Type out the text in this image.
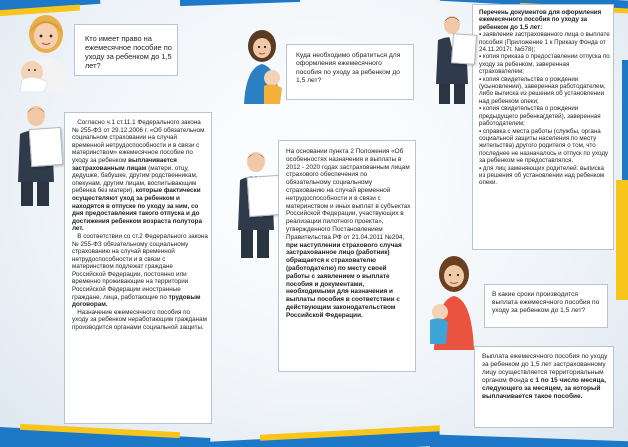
Кто имеет право на ежемесячное пособие по уходу за ребенком до 1,5 лет?
Согласно ч.1 ст.11.1 Федерального закона № 255-ФЗ от 29.12.2006 г. «Об обязательном социальном страховании на случай временной нетрудоспособности и в связи с материнством» ежемесячное пособие по уходу за ребенком выплачивается застрахованным лицам (матери, отцу, дедушке, бабушке, другим родственникам, опекунам, другим лицам, воспитывающим ребенка без матери), которые фактически осуществляют уход за ребенком и находятся в отпуске по уходу за ним, со дня предоставления такого отпуска и до достижения ребенком возраста полутора лет.
В соответствии со ст.2 Федерального закона № 255-ФЗ обязательному социальному страхованию на случай временной нетрудоспособности и в связи с материнством подлежат граждане Российской Федерации, постоянно или временно проживающие на территории Российской Федерации иностранные граждане, лица, работающие по трудовым договорам.
Назначение ежемесячного пособия по уходу за ребенком неработающим гражданам производится органами социальной защиты.
Куда необходимо обратиться для оформления ежемесячного пособия по уходу за ребенком до 1,5 лет?
На основании пункта 2 Положения «Об особенностях назначения и выплаты в 2012 - 2020 годах застрахованным лицам страхового обеспечения по обязательному социальному страхованию на случай временной нетрудоспособности и в связи с материнством и иных выплат в субъектах Российской Федерации, участвующих в реализации пилотного проекта», утвержденного Постановлением Правительства РФ от 21.04.2011 №294, при наступлении страхового случая застрахованное лицо (работник) обращается к страхователю (работодателю) по месту своей работы с заявлением о выплате пособия и документами, необходимыми для назначения и выплаты пособия в соответствии с действующим законодательством Российской Федерации.
Перечень документов для оформления ежемесячного пособия по уходу за ребенком до 1,5 лет:
▪ заявление застрахованного лица о выплате пособия (Приложение 1 к Приказу Фонда от 24.11.2017г. №578);
▪ копия приказа о предоставлении отпуска по уходу за ребенком, заверенная страхователем;
▪ копия свидетельства о рождении (усыновлении), заверенная работодателем, либо выписка из решения об установлении над ребенком опеки;
▪ копия свидетельства о рождении предыдущего ребенка(детей), заверенная работодателем;
▪ справка с места работы (службы, органа социальной защиты населения по месту жительства) другого родителя о том, что последнее не назначалось и отпуск по уходу за ребенком не предоставлялся.
▪ для лиц заменяющих родителей: выписка из решения об установлении над ребенком опеки.
В какие сроки производится выплата ежемесячного пособия по уходу за ребенком до 1,5 лет?
Выплата ежемесячного пособия по уходу за ребенком до 1,5 лет застрахованному лицу осуществляется территориальным органом Фонда с 1 по 15 число месяца, следующего за месяцем, за который выплачивается такое пособие.
